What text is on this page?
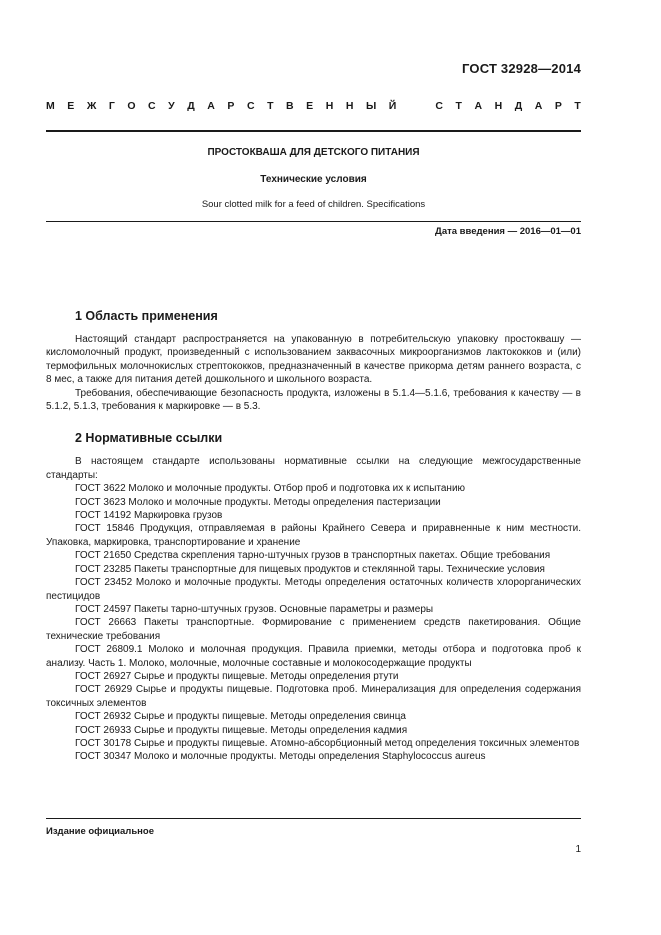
ГОСТ 32928—2014
М Е Ж Г О С У Д А Р С Т В Е Н Н Ы Й	С Т А Н Д А Р Т
ПРОСТОКВАША ДЛЯ ДЕТСКОГО ПИТАНИЯ
Технические условия
Sour clotted milk for a feed of children. Specifications
Дата введения — 2016—01—01
1 Область применения

Настоящий стандарт распространяется на упакованную в потребительскую упаковку простоквашу — кисломолочный продукт, произведенный с использованием заквасочных микроорганизмов лактококков и (или) термофильных молочнокислых стрептококков, предназначенный в качестве прикорма детям раннего возраста, с 8 мес, а также для питания детей дошкольного и школьного возраста.

Требования, обеспечивающие безопасность продукта, изложены в 5.1.4—5.1.6, требования к качеству — в 5.1.2, 5.1.3, требования к маркировке — в 5.3.

2 Нормативные ссылки

В настоящем стандарте использованы нормативные ссылки на следующие межгосударственные стандарты:

ГОСТ 3622 Молоко и молочные продукты. Отбор проб и подготовка их к испытанию

ГОСТ 3623 Молоко и молочные продукты. Методы определения пастеризации

ГОСТ 14192 Маркировка грузов

ГОСТ 15846 Продукция, отправляемая в районы Крайнего Севера и приравненные к ним местности. Упаковка, маркировка, транспортирование и хранение

ГОСТ 21650 Средства скрепления тарно-штучных грузов в транспортных пакетах. Общие требования

ГОСТ 23285 Пакеты транспортные для пищевых продуктов и стеклянной тары. Технические условия

ГОСТ 23452 Молоко и молочные продукты. Методы определения остаточных количеств хлорорганических пестицидов

ГОСТ 24597 Пакеты тарно-штучных грузов. Основные параметры и размеры

ГОСТ 26663 Пакеты транспортные. Формирование с применением средств пакетирования. Общие технические требования

ГОСТ 26809.1 Молоко и молочная продукция. Правила приемки, методы отбора и подготовка проб к анализу. Часть 1. Молоко, молочные, молочные составные и молокосодержащие продукты

ГОСТ 26927 Сырье и продукты пищевые. Методы определения ртути

ГОСТ 26929 Сырье и продукты пищевые. Подготовка проб. Минерализация для определения содержания токсичных элементов

ГОСТ 26932 Сырье и продукты пищевые. Методы определения свинца

ГОСТ 26933 Сырье и продукты пищевые. Методы определения кадмия

ГОСТ 30178 Сырье и продукты пищевые. Атомно-абсорбционный метод определения токсичных элементов

ГОСТ 30347 Молоко и молочные продукты. Методы определения Staphylococcus aureus

Издание официальное
1
